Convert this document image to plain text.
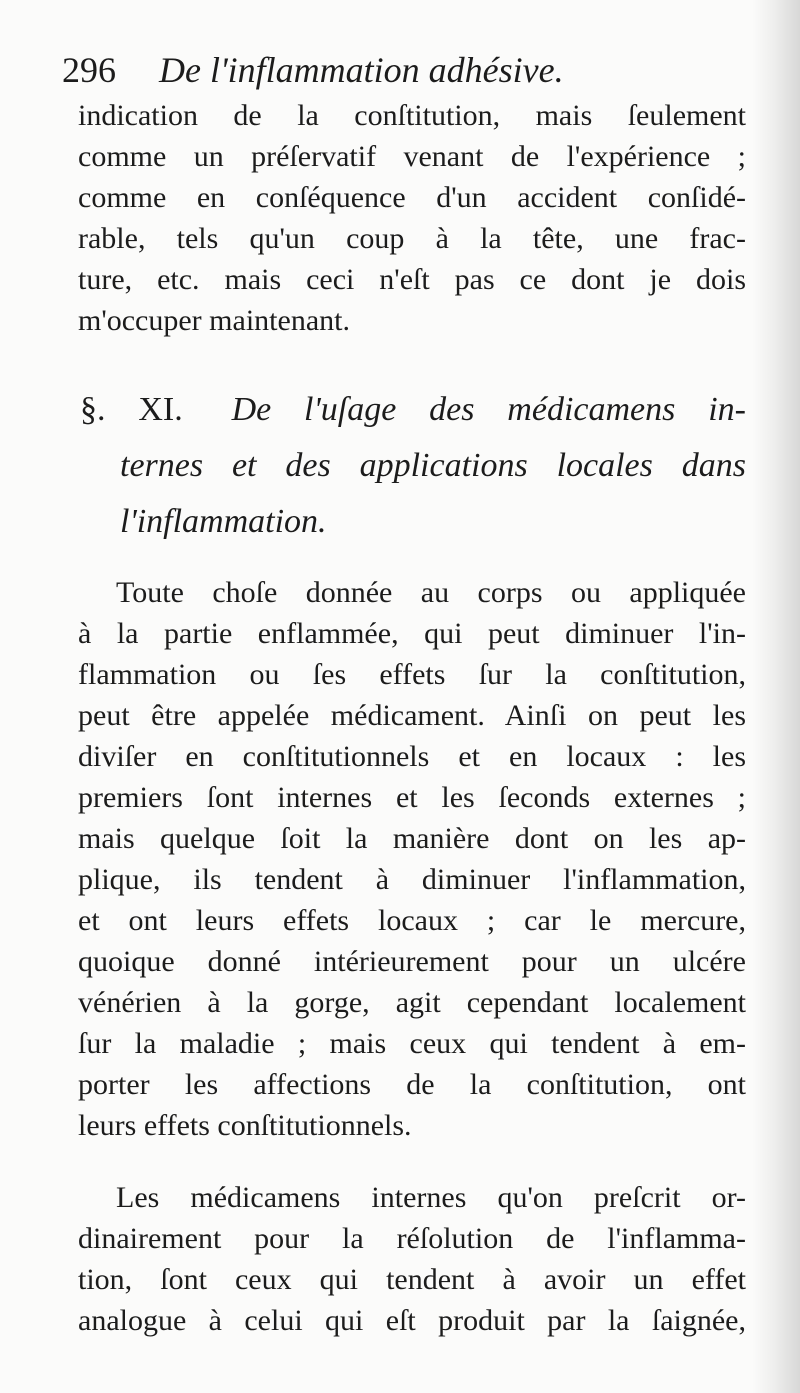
296 De l'inflammation adhésive.
indication de la conſtitution, mais ſeulement
comme un préſervatif venant de l'expérience ;
comme en conſéquence d'un accident conſidé-
rable, tels qu'un coup à la tête, une frac-
ture, etc. mais ceci n'eſt pas ce dont je dois
m'occuper maintenant.
§. XI. De l'uſage des médicamens in-
ternes et des applications locales dans
l'inflammation.
Toute choſe donnée au corps ou appliquée
à la partie enflammée, qui peut diminuer l'in-
flammation ou ſes effets ſur la conſtitution,
peut être appelée médicament. Ainſi on peut les
diviſer en conſtitutionnels et en locaux : les
premiers ſont internes et les ſeconds externes ;
mais quelque ſoit la manière dont on les ap-
plique, ils tendent à diminuer l'inflammation,
et ont leurs effets locaux ; car le mercure,
quoique donné intérieurement pour un ulcére
vénérien à la gorge, agit cependant localement
ſur la maladie ; mais ceux qui tendent à em-
porter les affections de la conſtitution, ont
leurs effets conſtitutionnels.
Les médicamens internes qu'on preſcrit or-
dinairement pour la réſolution de l'inflamma-
tion, ſont ceux qui tendent à avoir un effet
analogue à celui qui eſt produit par la ſaignée,
